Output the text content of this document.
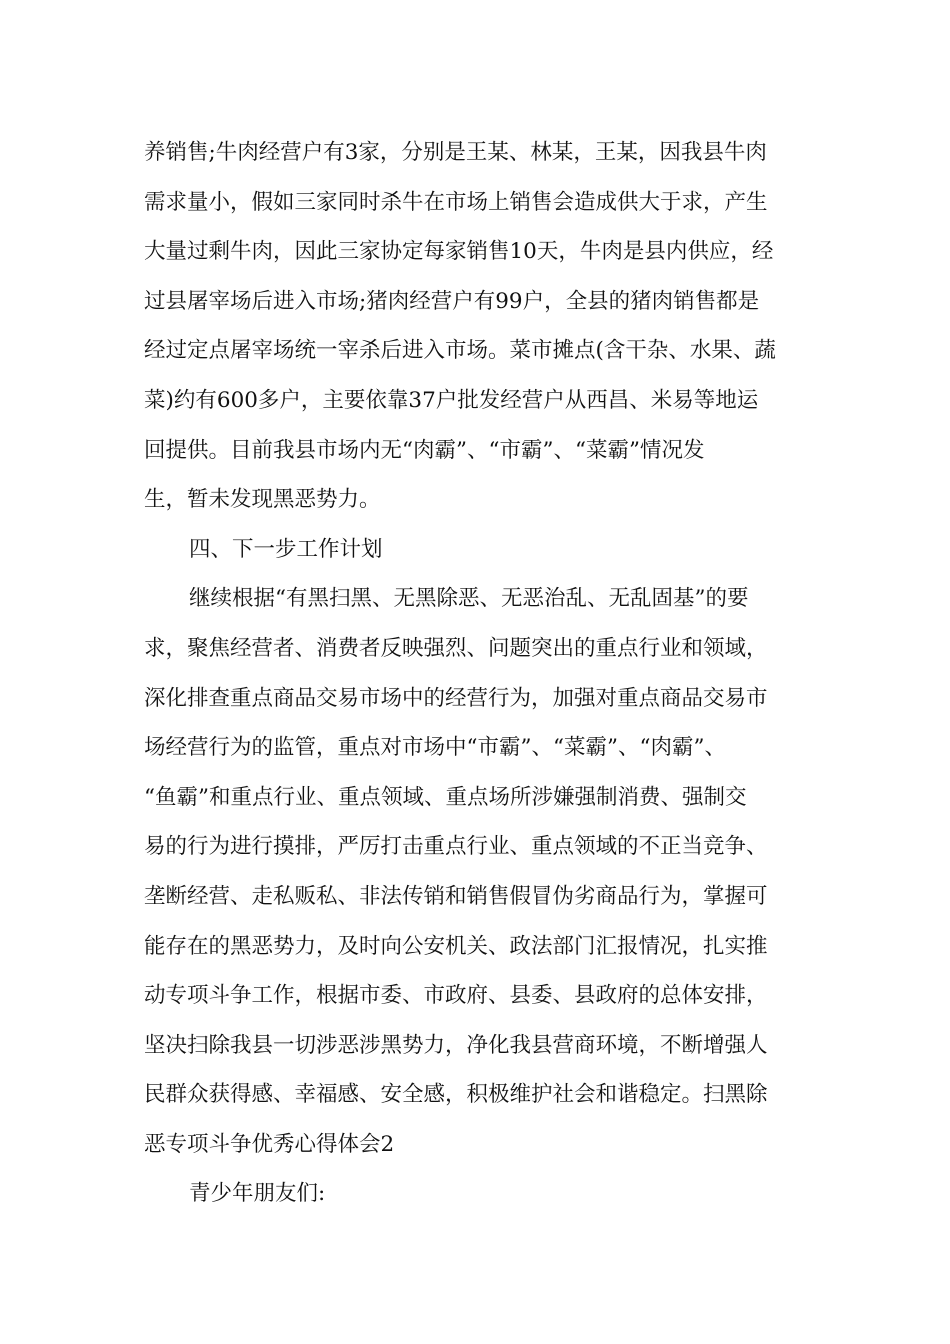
养销售;牛肉经营户有3家，分别是王某、林某，王某，因我县牛肉
需求量小，假如三家同时杀牛在市场上销售会造成供大于求，产生
大量过剩牛肉，因此三家协定每家销售10天，牛肉是县内供应，经
过县屠宰场后进入市场;猪肉经营户有99户，全县的猪肉销售都是
经过定点屠宰场统一宰杀后进入市场。菜市摊点(含干杂、水果、蔬
菜)约有600多户，主要依靠37户批发经营户从西昌、米易等地运
回提供。目前我县市场内无“肉霸”、“市霸”、“菜霸”情况发
生，暂未发现黑恶势力。
四、下一步工作计划
继续根据“有黑扫黑、无黑除恶、无恶治乱、无乱固基”的要
求，聚焦经营者、消费者反映强烈、问题突出的重点行业和领域，
深化排查重点商品交易市场中的经营行为，加强对重点商品交易市
场经营行为的监管，重点对市场中“市霸”、“菜霸”、“肉霸”、
“鱼霸”和重点行业、重点领域、重点场所涉嫌强制消费、强制交
易的行为进行摸排，严厉打击重点行业、重点领域的不正当竞争、
垄断经营、走私贩私、非法传销和销售假冒伪劣商品行为，掌握可
能存在的黑恶势力，及时向公安机关、政法部门汇报情况，扎实推
动专项斗争工作，根据市委、市政府、县委、县政府的总体安排，
坚决扫除我县一切涉恶涉黑势力，净化我县营商环境，不断增强人
民群众获得感、幸福感、安全感，积极维护社会和谐稳定。扫黑除
恶专项斗争优秀心得体会2
青少年朋友们:
